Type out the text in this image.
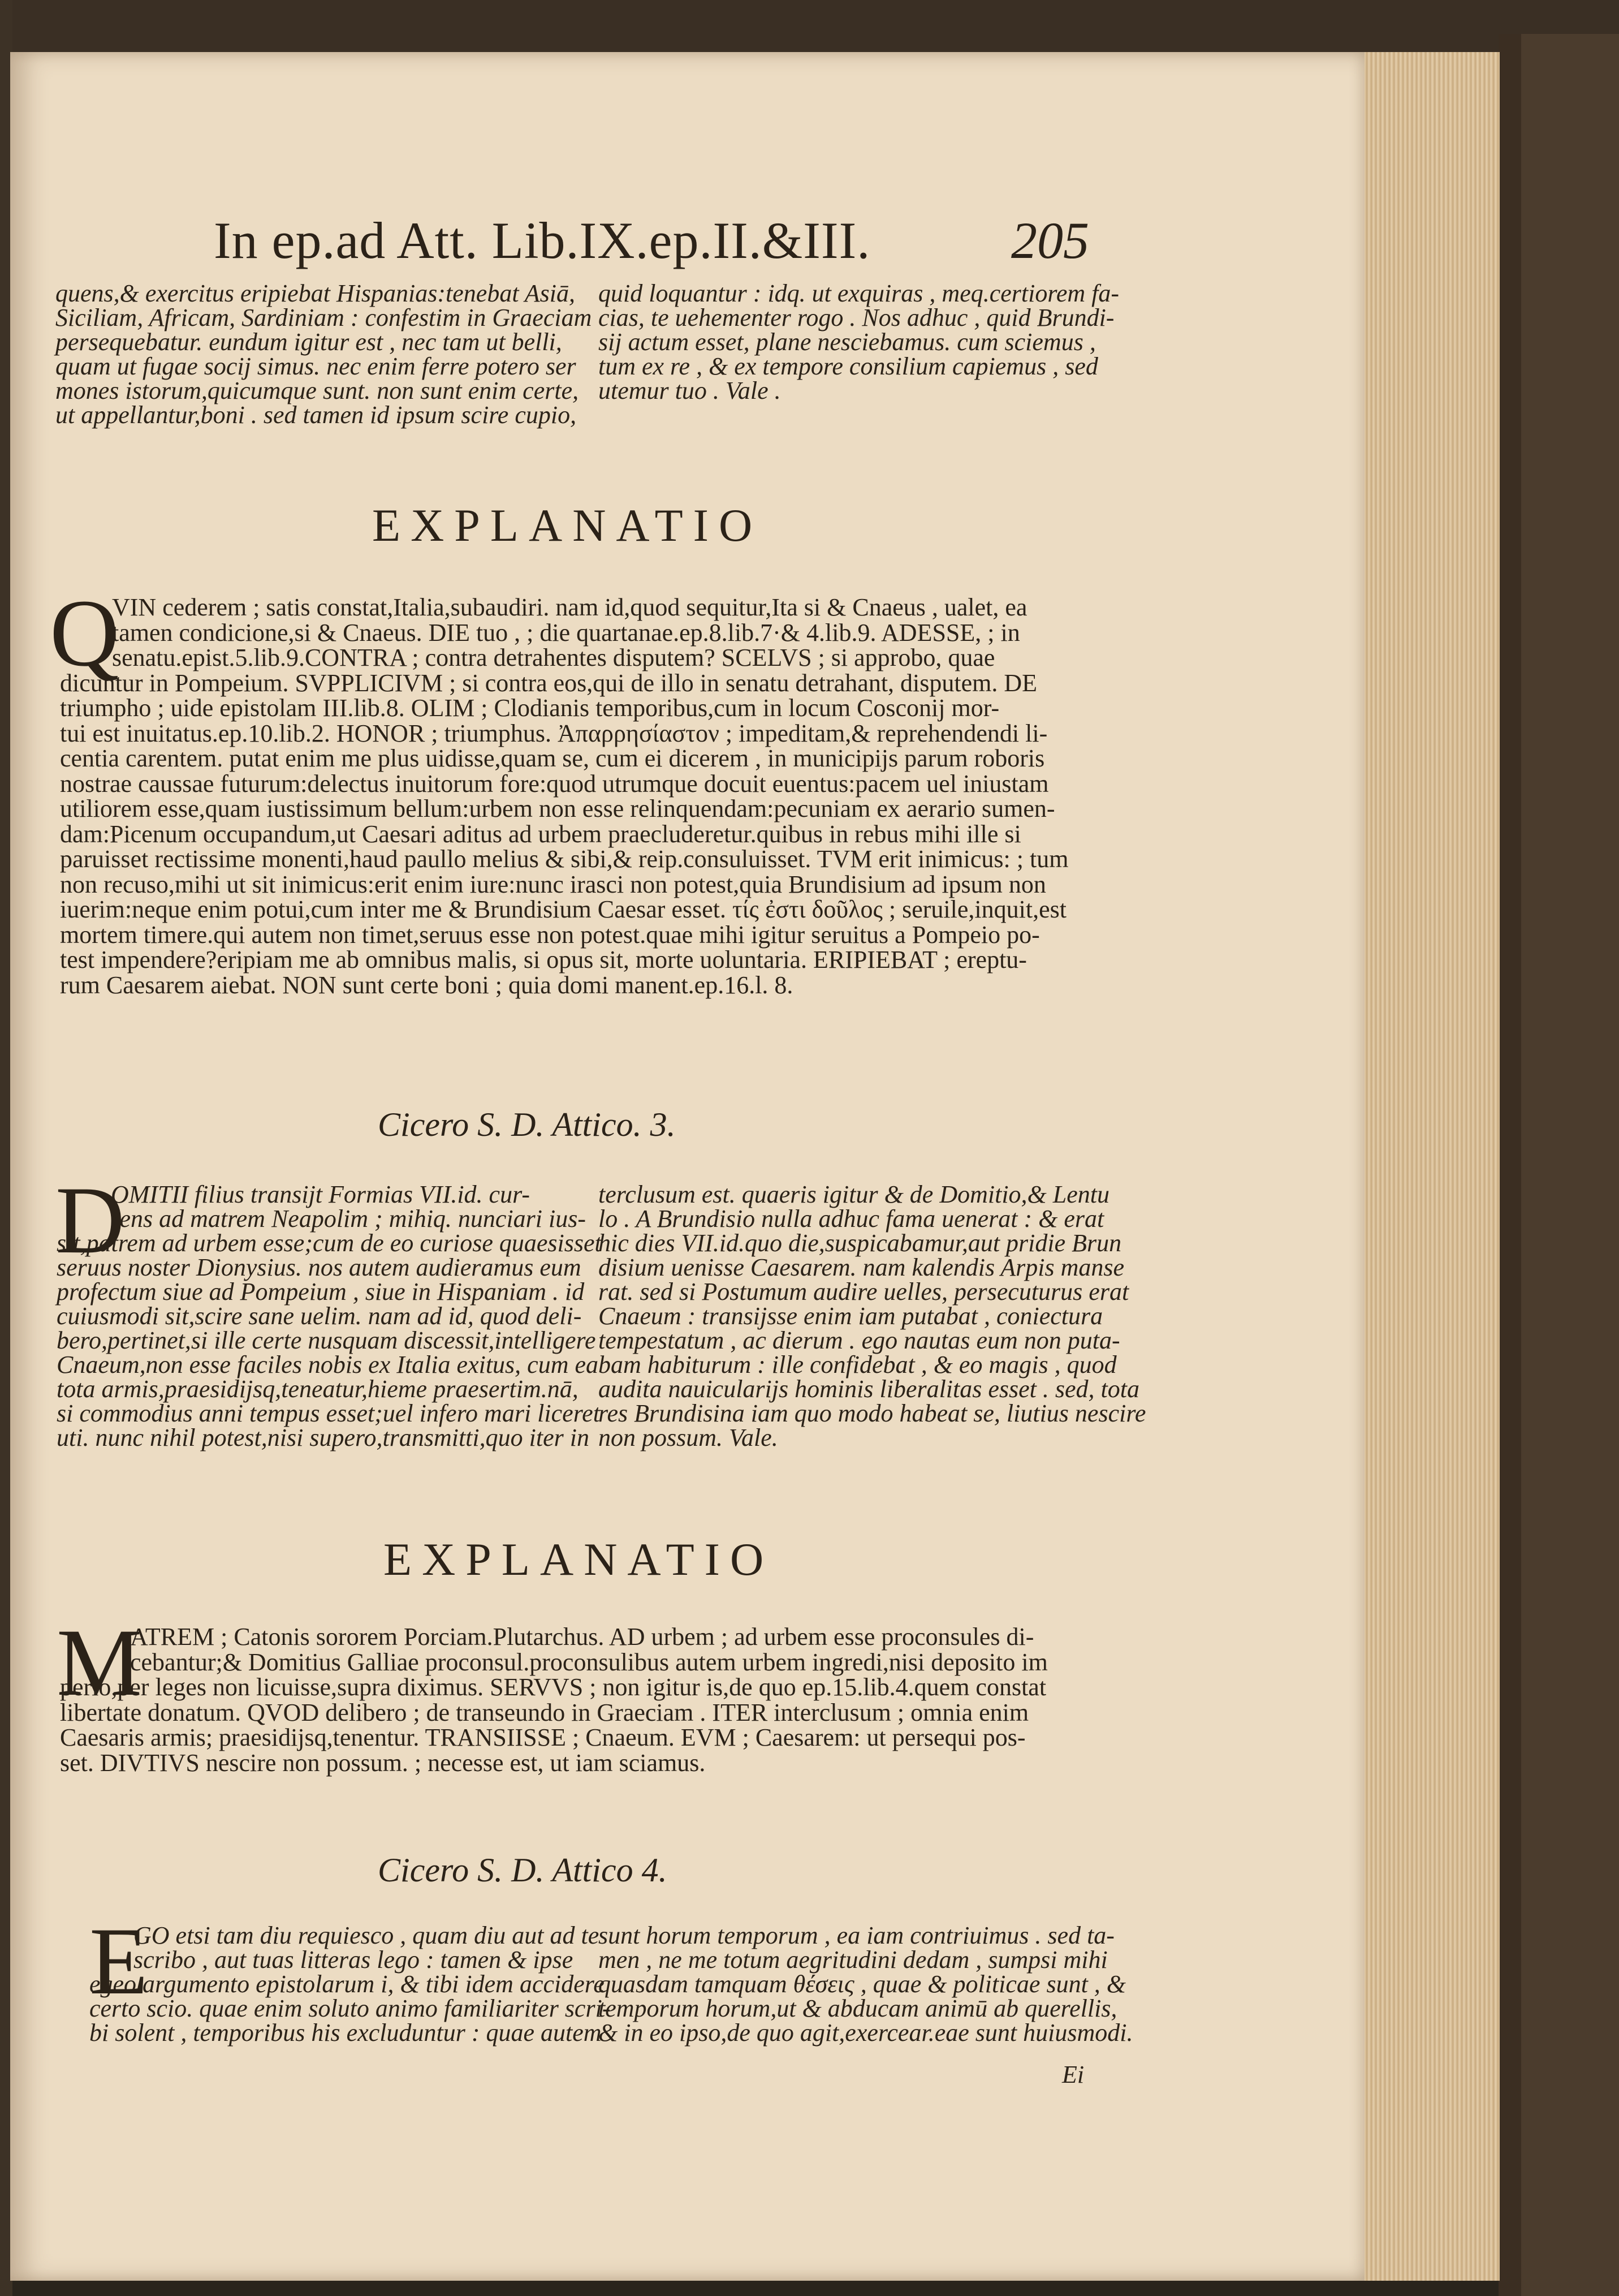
In ep.ad Att. Lib.IX.ep.II.&III.	205
quens,& exercitus eripiebat Hispanias:tenebat Asiā,
Siciliam, Africam, Sardiniam : confestim in Graeciam
persequebatur. eundum igitur est , nec tam ut belli,
quam ut fugae socij simus. nec enim ferre potero ser
mones istorum,quicumque sunt. non sunt enim certe,
ut appellantur,boni . sed tamen id ipsum scire cupio,
quid loquantur : idq. ut exquiras , meq.certiorem fa-
cias, te uehementer rogo . Nos adhuc , quid Brundi-
sij actum esset, plane nesciebamus. cum sciemus ,
tum ex re , & ex tempore consilium capiemus , sed
utemur tuo . Vale .
EXPLANATIO
Q
VIN cederem ; satis constat,Italia,subaudiri. nam id,quod sequitur,Ita si & Cnaeus , ualet, ea
tamen condicione,si & Cnaeus. DIE tuo , ; die quartanae.ep.8.lib.7·& 4.lib.9. ADESSE, ; in
senatu.epist.5.lib.9.CONTRA ; contra detrahentes disputem? SCELVS ; si approbo, quae
dicuntur in Pompeium. SVPPLICIVM ; si contra eos,qui de illo in senatu detrahant, disputem. DE
triumpho ; uide epistolam III.lib.8. OLIM ; Clodianis temporibus,cum in locum Cosconij mor-
tui est inuitatus.ep.10.lib.2. HONOR ; triumphus. Ἀπαρρησίαστον ; impeditam,& reprehendendi li-
centia carentem. putat enim me plus uidisse,quam se, cum ei dicerem , in municipijs parum roboris
nostrae caussae futurum:delectus inuitorum fore:quod utrumque docuit euentus:pacem uel iniustam
utiliorem esse,quam iustissimum bellum:urbem non esse relinquendam:pecuniam ex aerario sumen-
dam:Picenum occupandum,ut Caesari aditus ad urbem praecluderetur.quibus in rebus mihi ille si
paruisset rectissime monenti,haud paullo melius & sibi,& reip.consuluisset. TVM erit inimicus: ; tum
non recuso,mihi ut sit inimicus:erit enim iure:nunc irasci non potest,quia Brundisium ad ipsum non
iuerim:neque enim potui,cum inter me & Brundisium Caesar esset. τίς ἐστι δοῦλος ; seruile,inquit,est
mortem timere.qui autem non timet,seruus esse non potest.quae mihi igitur seruitus a Pompeio po-
test impendere?eripiam me ab omnibus malis, si opus sit, morte uoluntaria. ERIPIEBAT ; ereptu-
rum Caesarem aiebat. NON sunt certe boni ; quia domi manent.ep.16.l. 8.
Cicero S. D. Attico. 3.
D
OMITII filius transijt Formias VII.id. cur-
rens ad matrem Neapolim ; mihiq. nunciari ius-
sit,patrem ad urbem esse;cum de eo curiose quaesisset
seruus noster Dionysius. nos autem audieramus eum
profectum siue ad Pompeium , siue in Hispaniam . id
cuiusmodi sit,scire sane uelim. nam ad id, quod deli-
bero,pertinet,si ille certe nusquam discessit,intelligere
Cnaeum,non esse faciles nobis ex Italia exitus, cum ea
tota armis,praesidijsq,teneatur,hieme praesertim.nā,
si commodius anni tempus esset;uel infero mari liceret
uti. nunc nihil potest,nisi supero,transmitti,quo iter in
terclusum est. quaeris igitur & de Domitio,& Lentu
lo . A Brundisio nulla adhuc fama uenerat : & erat
hic dies VII.id.quo die,suspicabamur,aut pridie Brun
disium uenisse Caesarem. nam kalendis Arpis manse
rat. sed si Postumum audire uelles, persecuturus erat
Cnaeum : transijsse enim iam putabat , coniectura
tempestatum , ac dierum . ego nautas eum non puta-
bam habiturum : ille confidebat , & eo magis , quod
audita nauicularijs hominis liberalitas esset . sed, tota
res Brundisina iam quo modo habeat se, liutius nescire
non possum. Vale.
EXPLANATIO
M
ATREM ; Catonis sororem Porciam.Plutarchus. AD urbem ; ad urbem esse proconsules di-
cebantur;& Domitius Galliae proconsul.proconsulibus autem urbem ingredi,nisi deposito im
perio,per leges non licuisse,supra diximus. SERVVS ; non igitur is,de quo ep.15.lib.4.quem constat
libertate donatum. QVOD delibero ; de transeundo in Graeciam . ITER interclusum ; omnia enim
Caesaris armis; praesidijsq,tenentur. TRANSIISSE ; Cnaeum. EVM ; Caesarem: ut persequi pos-
set. DIVTIVS nescire non possum. ; necesse est, ut iam sciamus.
Cicero S. D. Attico 4.
E
GO etsi tam diu requiesco , quam diu aut ad te
scribo , aut tuas litteras lego : tamen & ipse
egeo argumento epistolarum i, & tibi idem accidere
certo scio. quae enim soluto animo familiariter scri-
bi solent , temporibus his excluduntur : quae autem
sunt horum temporum , ea iam contriuimus . sed ta-
men , ne me totum aegritudini dedam , sumpsi mihi
quasdam tamquam θέσεις , quae & politicae sunt , &
temporum horum,ut & abducam animū ab querellis,
& in eo ipso,de quo agit,exercear.eae sunt huiusmodi.
Ei
